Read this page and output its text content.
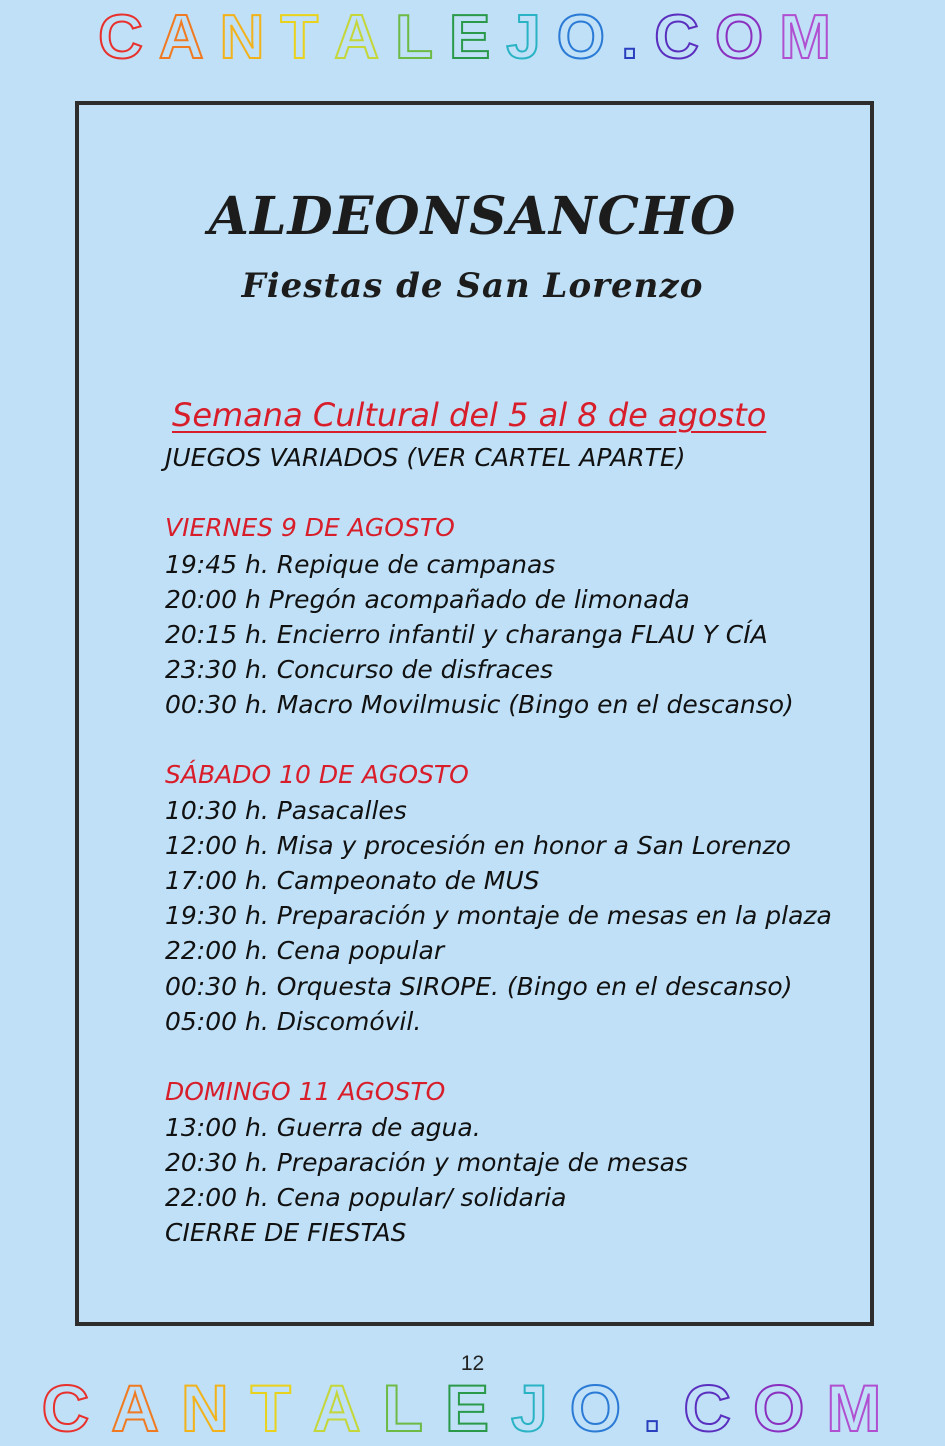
CANTALEJO.COM
CANTALEJO.COM
ALDEONSANCHO
Fiestas de San Lorenzo
Semana Cultural del 5 al 8 de agosto
JUEGOS VARIADOS (VER CARTEL APARTE)
VIERNES 9 DE AGOSTO
19:45 h. Repique de campanas
20:00 h Pregón acompañado de limonada
20:15 h. Encierro infantil y charanga FLAU Y CÍA
23:30 h. Concurso de disfraces
00:30 h. Macro Movilmusic (Bingo en el descanso)
SÁBADO 10 DE AGOSTO
10:30 h. Pasacalles
12:00 h. Misa y procesión en honor a San Lorenzo
17:00 h. Campeonato de MUS
19:30 h. Preparación y montaje de mesas en la plaza
22:00 h. Cena popular
00:30 h. Orquesta SIROPE. (Bingo en el descanso)
05:00 h. Discomóvil.
DOMINGO 11 AGOSTO
13:00 h. Guerra de agua.
20:30 h. Preparación y montaje de mesas
22:00 h. Cena popular/ solidaria
CIERRE DE FIESTAS
12
